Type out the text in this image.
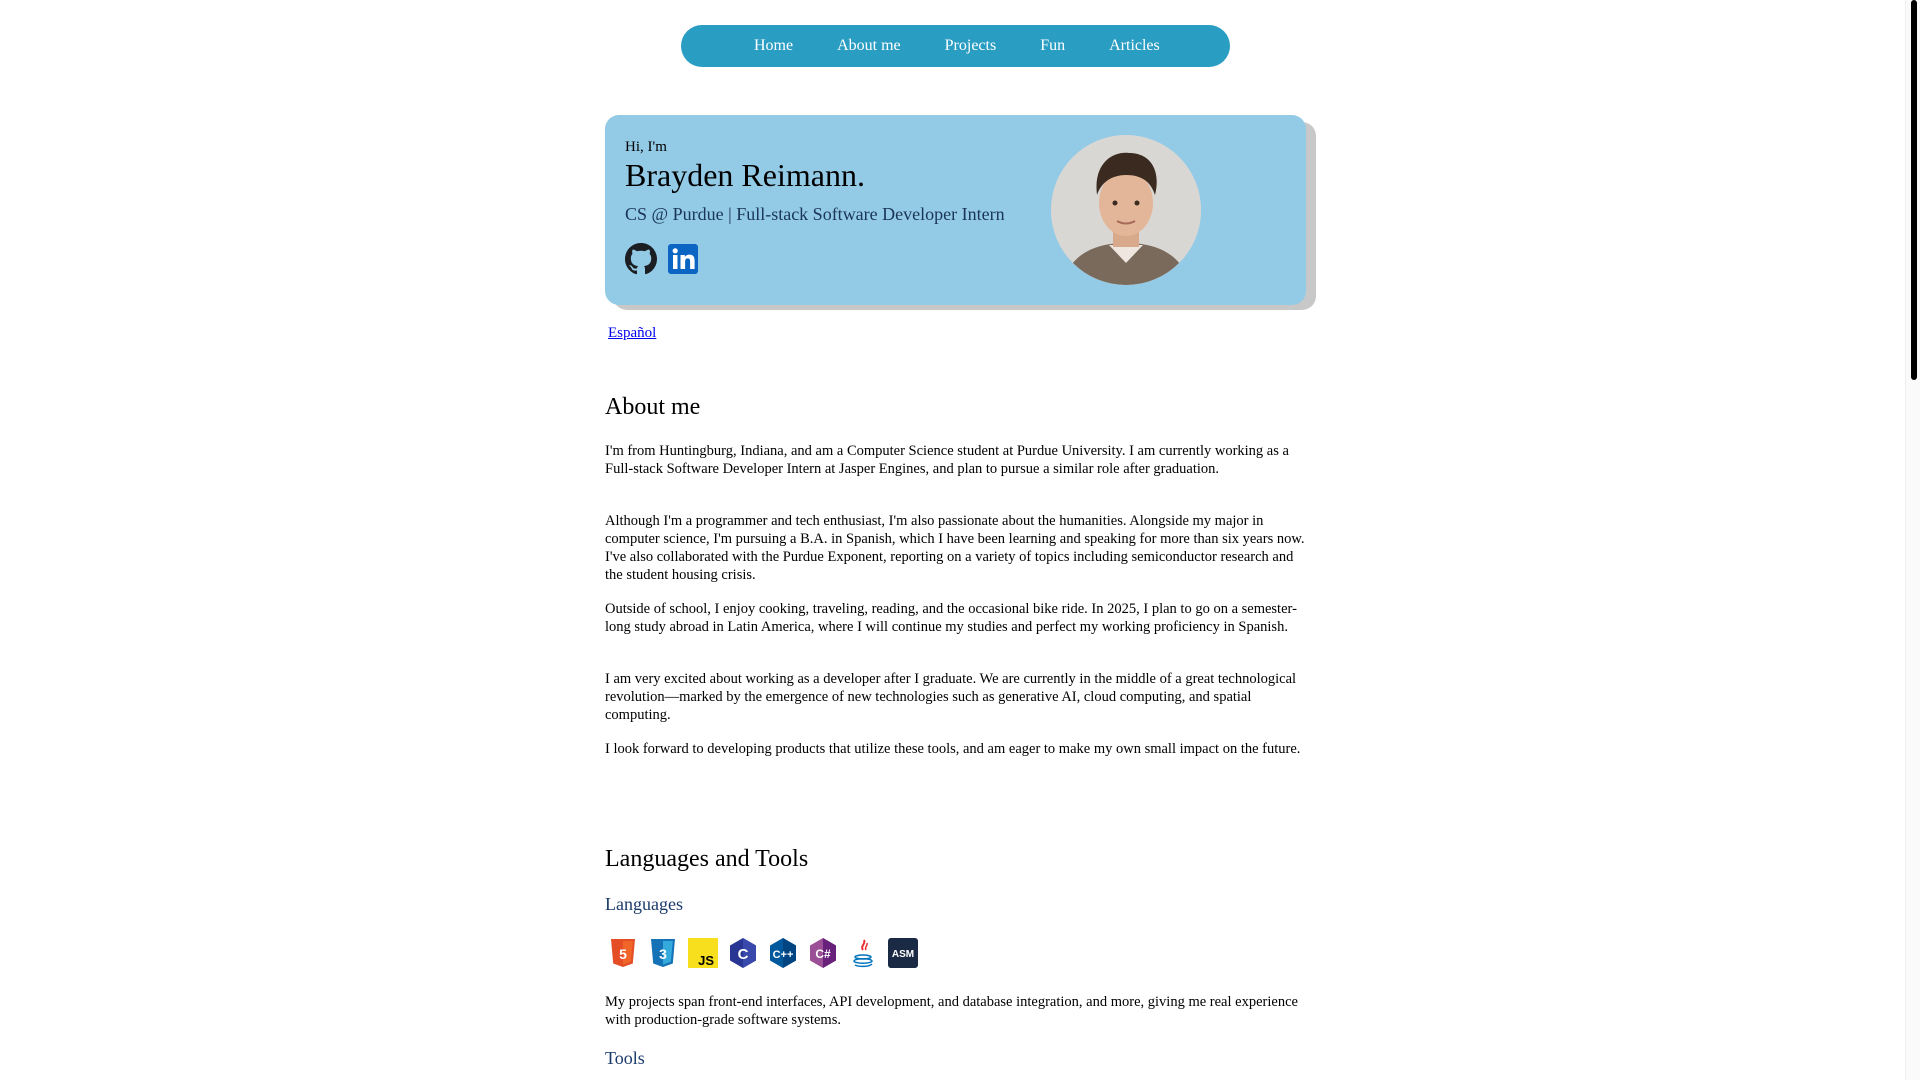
Home	About me	Projects	Fun	Articles
Hi, I'm
Brayden Reimann.
CS @ Purdue | Full-stack Software Developer Intern
Español
About me

I'm from Huntingburg, Indiana, and am a Computer Science student at Purdue University. I am currently working as a Full-stack Software Developer Intern at Jasper Engines, and plan to pursue a similar role after graduation.

Although I'm a programmer and tech enthusiast, I'm also passionate about the humanities. Alongside my major in computer science, I'm pursuing a B.A. in Spanish, which I have been learning and speaking for more than six years now. I've also collaborated with the Purdue Exponent, reporting on a variety of topics including semiconductor research and the student housing crisis.

Outside of school, I enjoy cooking, traveling, reading, and the occasional bike ride. In 2025, I plan to go on a semester-long study abroad in Latin America, where I will continue my studies and perfect my working proficiency in Spanish.

I am very excited about working as a developer after I graduate. We are currently in the middle of a great technological revolution—marked by the emergence of new technologies such as generative AI, cloud computing, and spatial computing.

I look forward to developing products that utilize these tools, and am eager to make my own small impact on the future.

Languages and Tools
Languages
5 3 JS C C++ C#	ASM

My projects span front-end interfaces, API development, and database integration, and more, giving me real experience with production-grade software systems.

Tools
